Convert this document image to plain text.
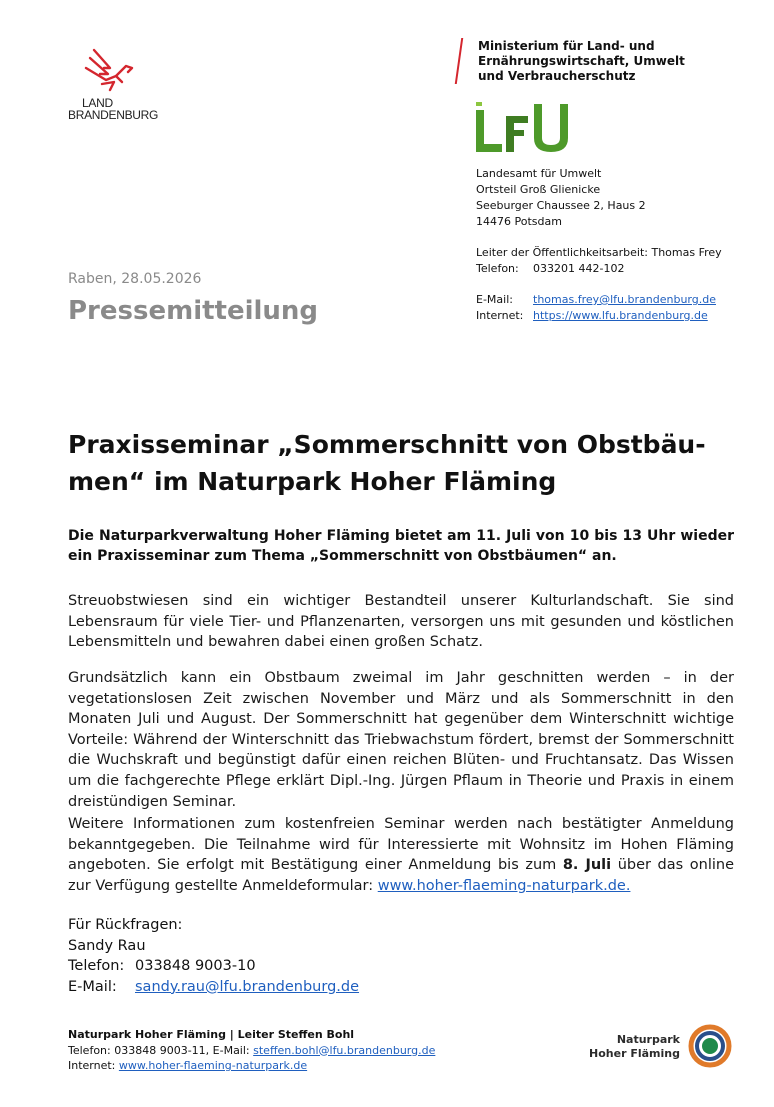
LAND
BRANDENBURG
Ministerium für Land- und
Ernährungswirtschaft, Umwelt
und Verbraucherschutz
Landesamt für Umwelt
Ortsteil Groß Glienicke
Seeburger Chaussee 2, Haus 2
14476 Potsdam
Leiter der Öffentlichkeitsarbeit: Thomas Frey
Telefon: 033201 442-102
E-Mail: thomas.frey@lfu.brandenburg.de
Internet: https://www.lfu.brandenburg.de
Raben, 28.05.2026
Pressemitteilung
Praxisseminar „Sommerschnitt von Obstbäu-
men“ im Naturpark Hoher Fläming
Die Naturparkverwaltung Hoher Fläming bietet am 11. Juli von 10 bis 13 Uhr wieder ein Praxisseminar zum Thema „Sommerschnitt von Obstbäumen“ an.
Streuobstwiesen sind ein wichtiger Bestandteil unserer Kulturlandschaft. Sie sind Lebensraum für viele Tier- und Pflanzenarten, versorgen uns mit gesunden und köstlichen Lebensmitteln und bewahren dabei einen großen Schatz.
Grundsätzlich kann ein Obstbaum zweimal im Jahr geschnitten werden – in der vegetationslosen Zeit zwischen November und März und als Sommerschnitt in den Monaten Juli und August. Der Sommerschnitt hat gegenüber dem Winterschnitt wichtige Vorteile: Während der Winterschnitt das Triebwachstum fördert, bremst der Sommerschnitt die Wuchskraft und begünstigt dafür einen reichen Blüten- und Fruchtansatz. Das Wissen um die fachgerechte Pflege erklärt Dipl.-Ing. Jürgen Pflaum in Theorie und Praxis in einem dreistündigen Seminar.
Weitere Informationen zum kostenfreien Seminar werden nach bestätigter Anmeldung bekanntgegeben. Die Teilnahme wird für Interessierte mit Wohnsitz im Hohen Fläming angeboten. Sie erfolgt mit Bestätigung einer Anmeldung bis zum 8. Juli über das online zur Verfügung gestellte Anmeldeformular: www.hoher-flaeming-naturpark.de.
Für Rückfragen:
Sandy Rau
Telefon: 033848 9003-10
E-Mail: sandy.rau@lfu.brandenburg.de
Naturpark Hoher Fläming | Leiter Steffen Bohl
Telefon: 033848 9003-11, E-Mail: steffen.bohl@lfu.brandenburg.de
Internet: www.hoher-flaeming-naturpark.de
Naturpark
Hoher Fläming
